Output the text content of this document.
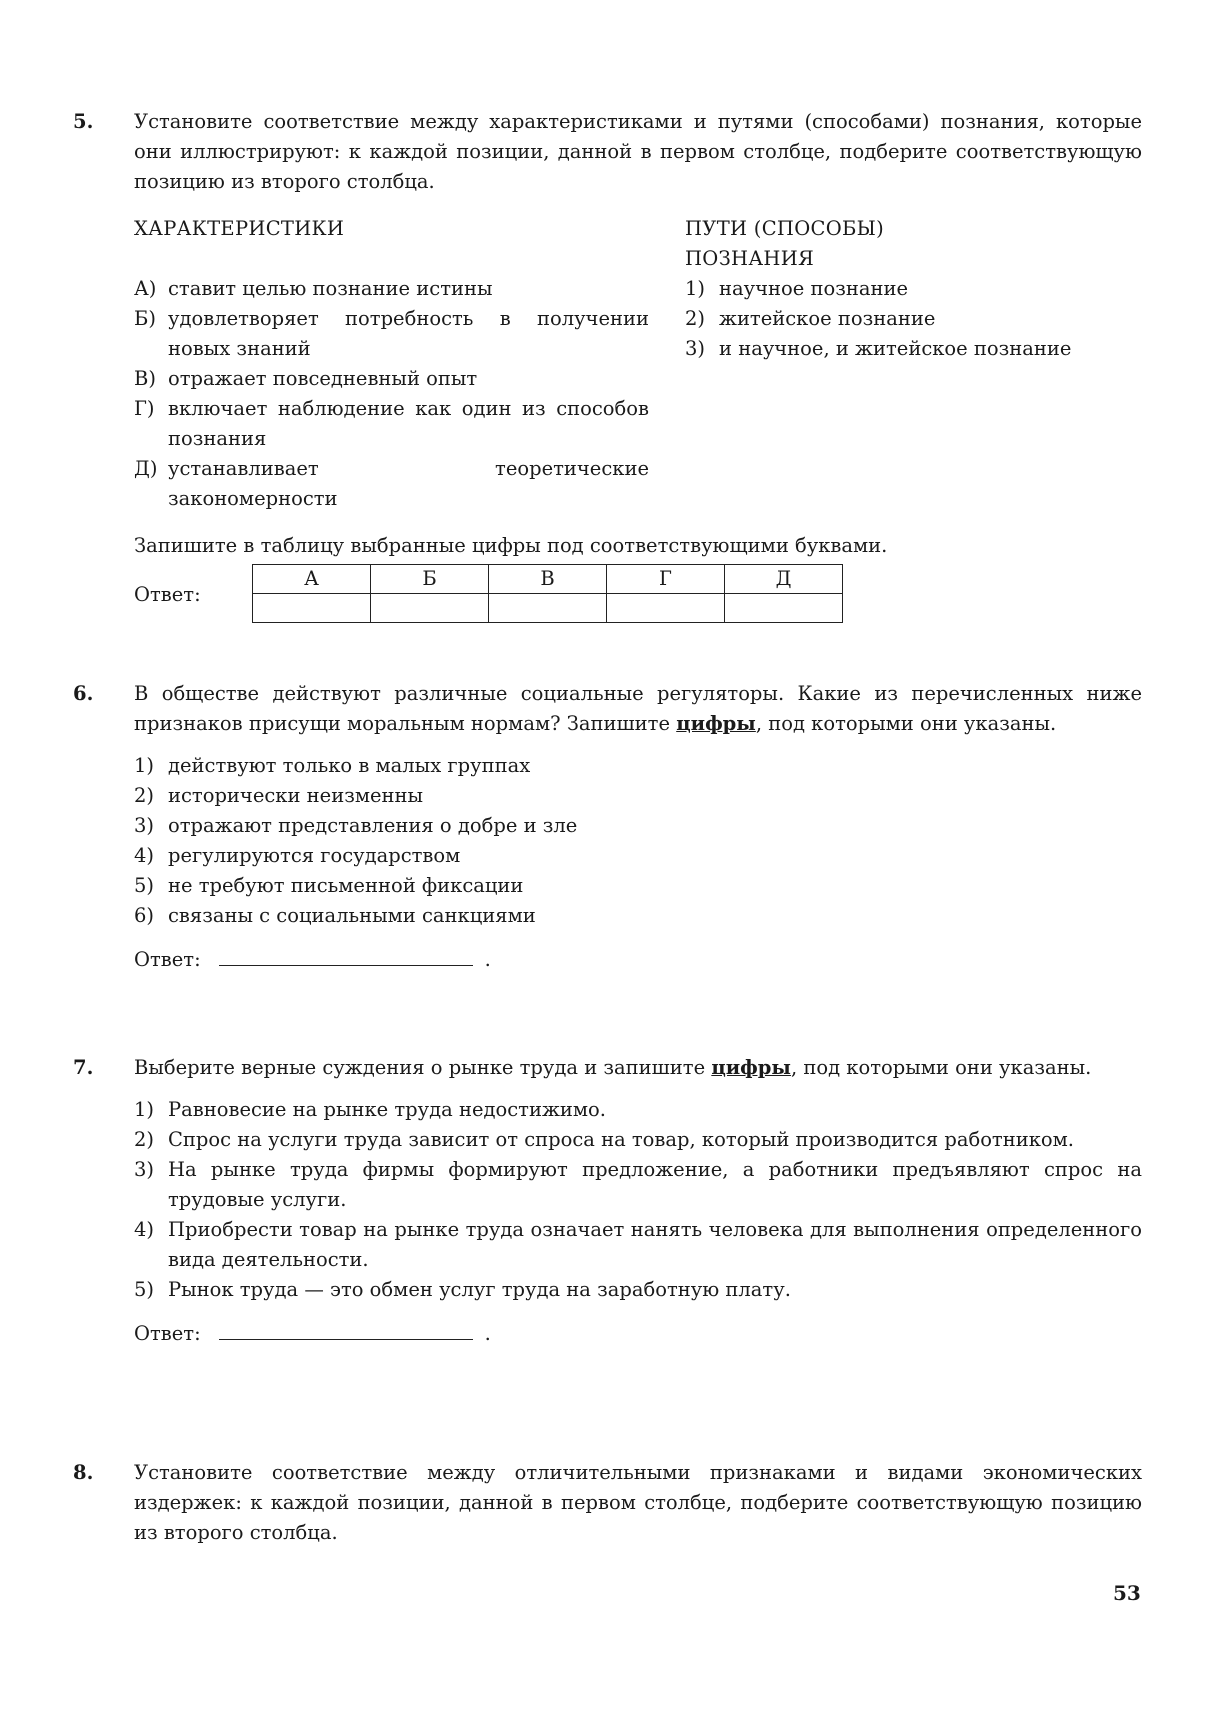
5. Установите соответствие между характеристиками и путями (способами) познания, которые они иллюстрируют: к каждой позиции, данной в первом столбце, подберите соответствующую позицию из второго столбца.

ХАРАКТЕРИСТИКИ

А) ставит целью познание истины
Б) удовлетворяет потребность в получении новых знаний
В) отражает повседневный опыт
Г) включает наблюдение как один из способов познания
Д) устанавливает теоретические закономерности

ПУТИ (СПОСОБЫ) ПОЗНАНИЯ

1) научное познание
2) житейское познание
3) и научное, и житейское познание

Запишите в таблицу выбранные цифры под соответствующими буквами.

Ответ:
А	Б	В	Г	Д

6. В обществе действуют различные социальные регуляторы. Какие из перечисленных ниже признаков присущи моральным нормам? Запишите цифры, под которыми они указаны.

1) действуют только в малых группах
2) исторически неизменны
3) отражают представления о добре и зле
4) регулируются государством
5) не требуют письменной фиксации
6) связаны с социальными санкциями
Ответ:	.
7. Выберите верные суждения о рынке труда и запишите цифры, под которыми они указаны.

1) Равновесие на рынке труда недостижимо.
2) Спрос на услуги труда зависит от спроса на товар, который производится работником.
3) На рынке труда фирмы формируют предложение, а работники предъявляют спрос на трудовые услуги.
4) Приобрести товар на рынке труда означает нанять человека для выполнения определенного вида деятельности.
5) Рынок труда — это обмен услуг труда на заработную плату.
Ответ:	.
8. Установите соответствие между отличительными признаками и видами экономических издержек: к каждой позиции, данной в первом столбце, подберите соответствующую позицию из второго столбца.

53
